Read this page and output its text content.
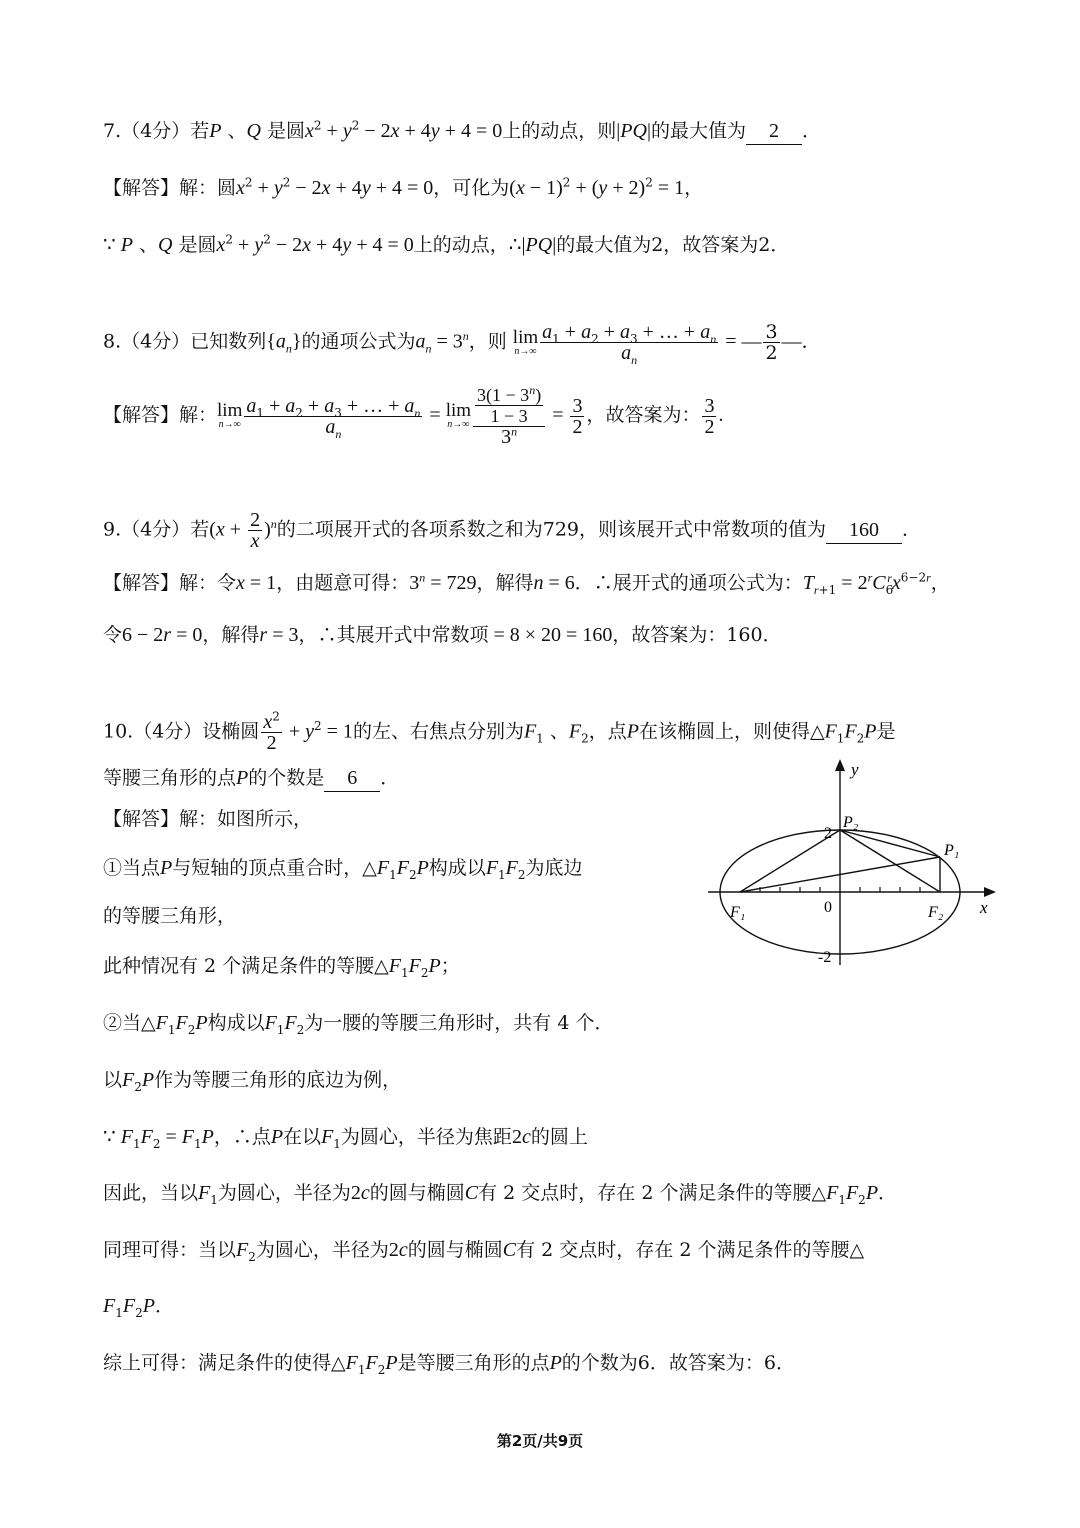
7.（4分）若P 、Q 是圆$x^2 + y^2 - 2x + 4y + 4 = 0$上的动点，则|PQ|的最大值为 2 ．
【解答】解：圆$x^2 + y^2 - 2x + 4y + 4 = 0$，可化为$(x - 1)^2 + (y + 2)^2 = 1$，
∵ P 、Q 是圆$x^2 + y^2 - 2x + 4y + 4 = 0$上的动点，∴|PQ|的最大值为2，故答案为2．
8.（4分）已知数列$\{a_n\}$的通项公式为$a_n = 3^n$，则 lim
$n\to\infty \frac{a_1 + a_2 + a_3 + \dots + a_n}{a_n}$ = — $\frac{3}{2}$ —．
【解答】解： lim
$n\to\infty \frac{a_1 + a_2 + a_3 + \dots + a_n}{a_n} = \lim$
$n\to\infty \frac{\frac{3(1 - 3^n)}{1 - 3}}{3^n} = \frac{3}{2}$ ，故答案为： $\frac{3}{2}$ .
9.（4分）若$(x + \frac{2}{x} )^n$的二项展开式的各项系数之和为729，则该展开式中常数项的值为 160 ．
【解答】解：令x = 1，由题意可得：$3^n = 729$，解得n = 6．∴展开式的通项公式为：$T_{r+1} = 2^rC_6^rx^{6-2r}$，
令6 − 2r = 0，解得r = 3，∴其展开式中常数项 = 8 × 20 = 160，故答案为：160．
10.（4分）设椭圆 $\frac{x^2}{2} + y^2 = 1$的左、右焦点分别为$F_1$ 、$F_2$，点P在该椭圆上，则使得$\triangle F_1F_2P$是
等腰三角形的点P的个数是 6 ．
【解答】解：如图所示，
①当点P与短轴的顶点重合时，$\triangle F_1F_2P$构成以$F_1F_2$为底边
的等腰三角形，
此种情况有 2 个满足条件的等腰$\triangle F_1F_2P$；
②当$\triangle F_1F_2P$构成以$F_1F_2$为一腰的等腰三角形时，共有 4 个．
以$F_2P$作为等腰三角形的底边为例，
∵ $F_1F_2 = F_1P$，∴点P在以$F_1$为圆心，半径为焦距2c的圆上
因此，当以$F_1$为圆心，半径为2c的圆与椭圆C有 2 交点时，存在 2 个满足条件的等腰$\triangle F_1F_2P$．
同理可得：当以$F_2$为圆心，半径为2c的圆与椭圆C有 2 交点时，存在 2 个满足条件的等腰△
$F_1F_2P$．
综上可得：满足条件的使得$\triangle F_1F_2P$是等腰三角形的点P的个数为6．故答案为：6．
y
x
0
2
-2
F₁	F₂
P₁
P₂
第2页/共9页
